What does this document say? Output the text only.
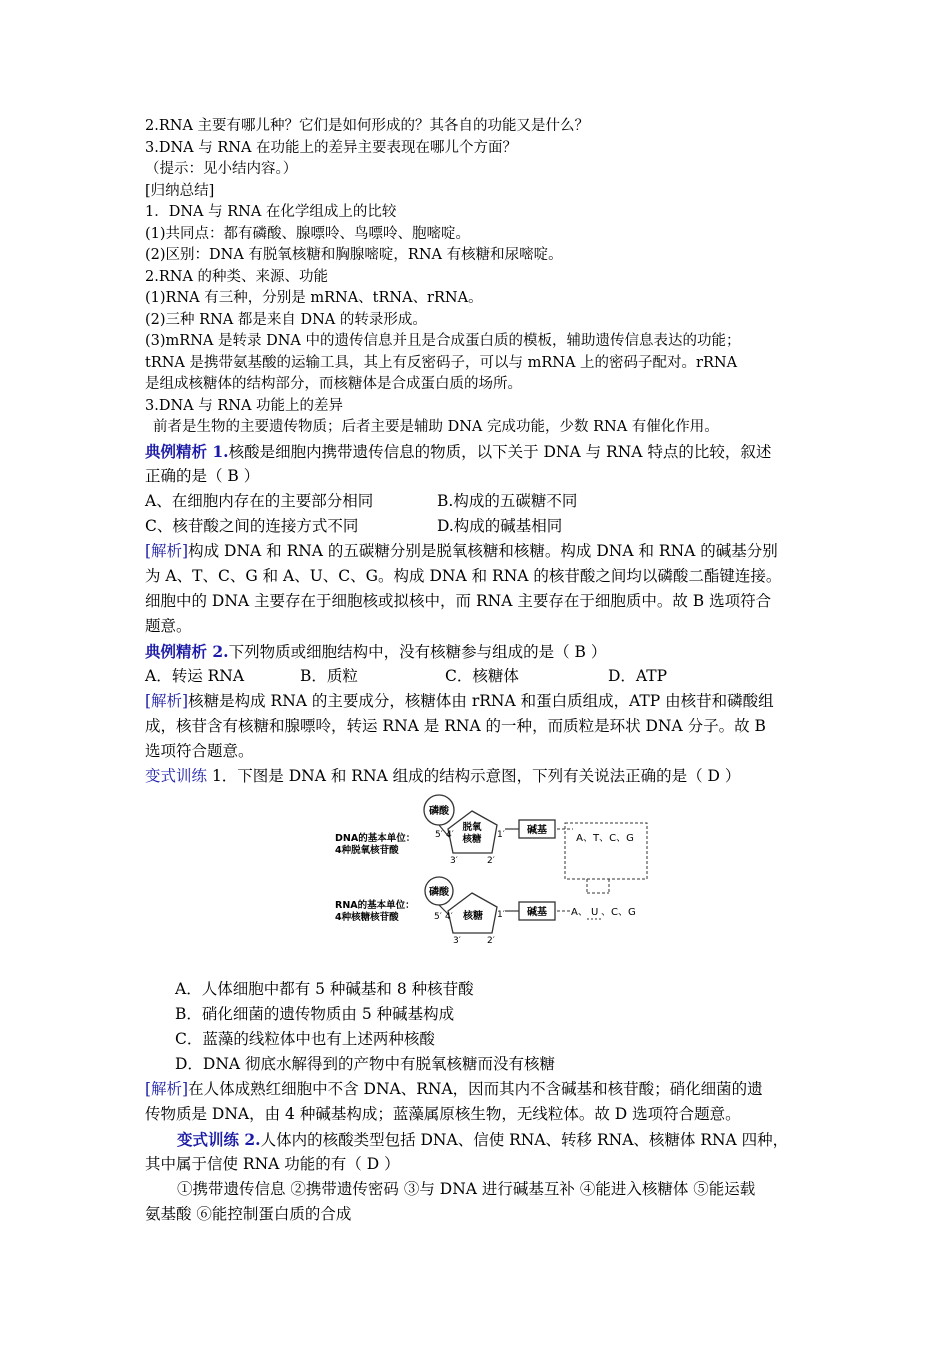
2.RNA 主要有哪儿种？它们是如何形成的？其各自的功能又是什么？
3.DNA 与 RNA 在功能上的差异主要表现在哪儿个方面？
（提示：见小结内容。）
[归纳总结]
1．DNA 与 RNA 在化学组成上的比较
(1)共同点：都有磷酸、腺嘌呤、鸟嘌呤、胞嘧啶。
(2)区别：DNA 有脱氧核糖和胸腺嘧啶，RNA 有核糖和尿嘧啶。
2.RNA 的种类、来源、功能
(1)RNA 有三种，分别是 mRNA、tRNA、rRNA。
(2)三种 RNA 都是来自 DNA 的转录形成。
(3)mRNA 是转录 DNA 中的遗传信息并且是合成蛋白质的模板，辅助遗传信息表达的功能；
tRNA 是携带氨基酸的运输工具，其上有反密码子，可以与 mRNA 上的密码子配对。rRNA
是组成核糖体的结构部分，而核糖体是合成蛋白质的场所。
3.DNA 与 RNA 功能上的差异
前者是生物的主要遗传物质；后者主要是辅助 DNA 完成功能，少数 RNA 有催化作用。
典例精析 1.核酸是细胞内携带遗传信息的物质，以下关于 DNA 与 RNA 特点的比较，叙述
正确的是（ B ）
A、在细胞内存在的主要部分相同	B.构成的五碳糖不同
C、核苷酸之间的连接方式不同	D.构成的碱基相同
[解析]构成 DNA 和 RNA 的五碳糖分别是脱氧核糖和核糖。构成 DNA 和 RNA 的碱基分别
为 A、T、C、G 和 A、U、C、G。构成 DNA 和 RNA 的核苷酸之间均以磷酸二酯键连接。
细胞中的 DNA 主要存在于细胞核或拟核中，而 RNA 主要存在于细胞质中。故 B 选项符合
题意。
典例精析 2.下列物质或细胞结构中，没有核糖参与组成的是（ B ）
A．转运 RNA	B．质粒	C．核糖体	D．ATP
[解析]核糖是构成 RNA 的主要成分，核糖体由 rRNA 和蛋白质组成，ATP 由核苷和磷酸组
成，核苷含有核糖和腺嘌呤，转运 RNA 是 RNA 的一种，而质粒是环状 DNA 分子。故 B
选项符合题意。
变式训练 1．下图是 DNA 和 RNA 组成的结构示意图，下列有关说法正确的是（ D ）
磷酸
脱氧
核糖
5′ 4′
3′	2′
1′ 碱基
DNA的基本单位：
4种脱氧核苷酸
A、T、C、G
磷酸
核糖
5′ 4′
3′	2′
1′ 碱基
RNA的基本单位：
4种核糖核苷酸	A、 U 、C、G
A．人体细胞中都有 5 种碱基和 8 种核苷酸
B．硝化细菌的遗传物质由 5 种碱基构成
C．蓝藻的线粒体中也有上述两种核酸
D．DNA 彻底水解得到的产物中有脱氧核糖而没有核糖
[解析]在人体成熟红细胞中不含 DNA、RNA，因而其内不含碱基和核苷酸；硝化细菌的遗
传物质是 DNA，由 4 种碱基构成；蓝藻属原核生物，无线粒体。故 D 选项符合题意。
变式训练 2.人体内的核酸类型包括 DNA、信使 RNA、转移 RNA、核糖体 RNA 四种，
其中属于信使 RNA 功能的有（ D ）
①携带遗传信息 ②携带遗传密码 ③与 DNA 进行碱基互补 ④能进入核糖体 ⑤能运载
氨基酸 ⑥能控制蛋白质的合成
